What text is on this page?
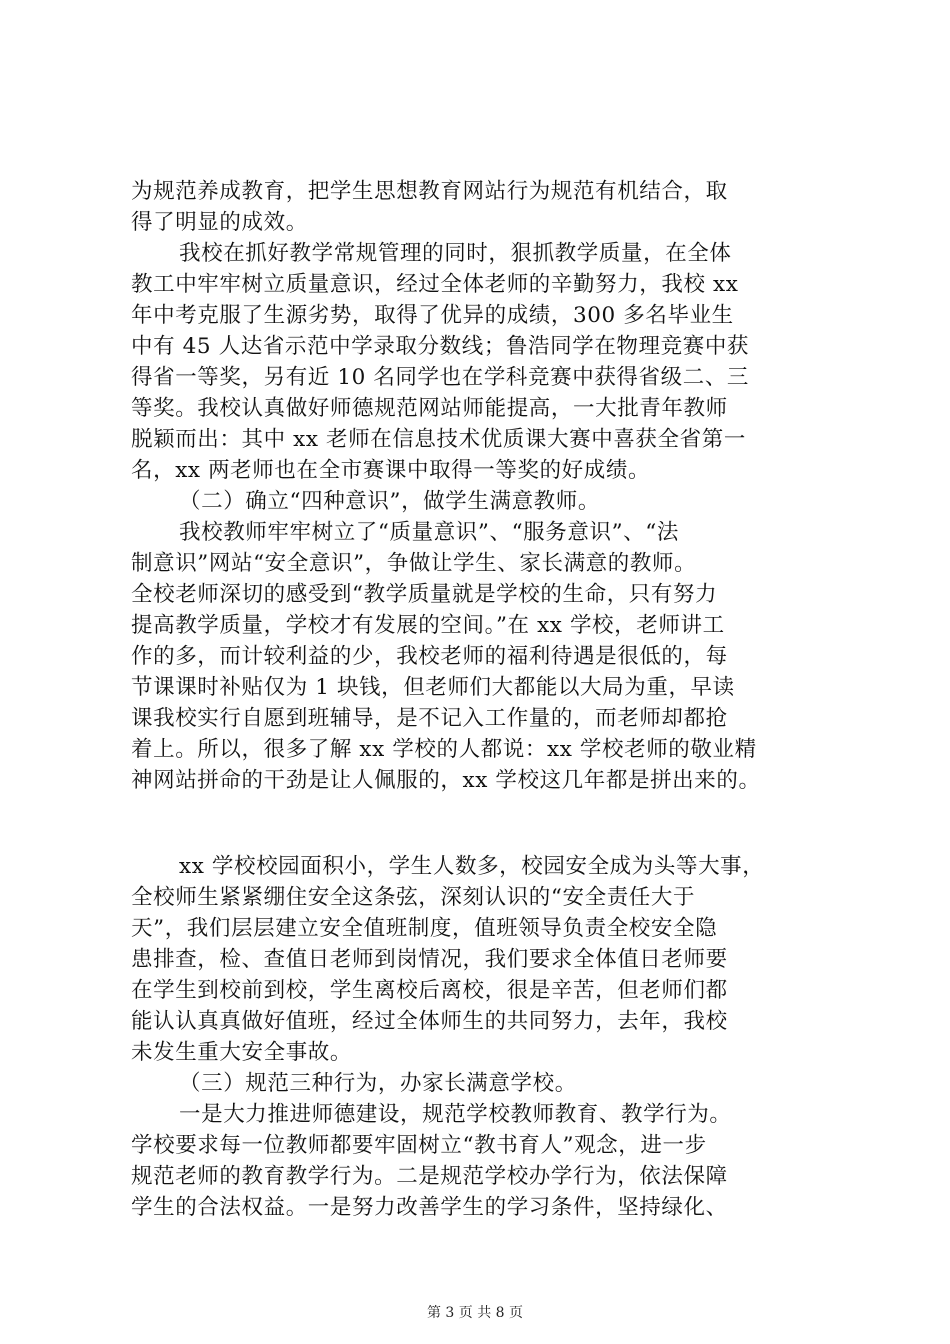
为规范养成教育，把学生思想教育网站行为规范有机结合，取
得了明显的成效。
我校在抓好教学常规管理的同时，狠抓教学质量，在全体
教工中牢牢树立质量意识，经过全体老师的辛勤努力，我校 xx
年中考克服了生源劣势，取得了优异的成绩，300 多名毕业生
中有 45 人达省示范中学录取分数线；鲁浩同学在物理竞赛中获
得省一等奖，另有近 10 名同学也在学科竞赛中获得省级二、三
等奖。我校认真做好师德规范网站师能提高，一大批青年教师
脱颖而出：其中 xx 老师在信息技术优质课大赛中喜获全省第一
名，xx 两老师也在全市赛课中取得一等奖的好成绩。
（二）确立“四种意识”，做学生满意教师。
我校教师牢牢树立了“质量意识”、“服务意识”、“法
制意识”网站“安全意识”，争做让学生、家长满意的教师。
全校老师深切的感受到“教学质量就是学校的生命，只有努力
提高教学质量，学校才有发展的空间。”在 xx 学校，老师讲工
作的多，而计较利益的少，我校老师的福利待遇是很低的，每
节课课时补贴仅为 1 块钱，但老师们大都能以大局为重，早读
课我校实行自愿到班辅导，是不记入工作量的，而老师却都抢
着上。所以，很多了解 xx 学校的人都说：xx 学校老师的敬业精
神网站拼命的干劲是让人佩服的，xx 学校这几年都是拼出来的。
xx 学校校园面积小，学生人数多，校园安全成为头等大事，
全校师生紧紧绷住安全这条弦，深刻认识的“安全责任大于
天”，我们层层建立安全值班制度，值班领导负责全校安全隐
患排查，检、查值日老师到岗情况，我们要求全体值日老师要
在学生到校前到校，学生离校后离校，很是辛苦，但老师们都
能认认真真做好值班，经过全体师生的共同努力，去年，我校
未发生重大安全事故。
（三）规范三种行为，办家长满意学校。
一是大力推进师德建设，规范学校教师教育、教学行为。
学校要求每一位教师都要牢固树立“教书育人”观念，进一步
规范老师的教育教学行为。二是规范学校办学行为，依法保障
学生的合法权益。一是努力改善学生的学习条件，坚持绿化、
第 3 页 共 8 页
